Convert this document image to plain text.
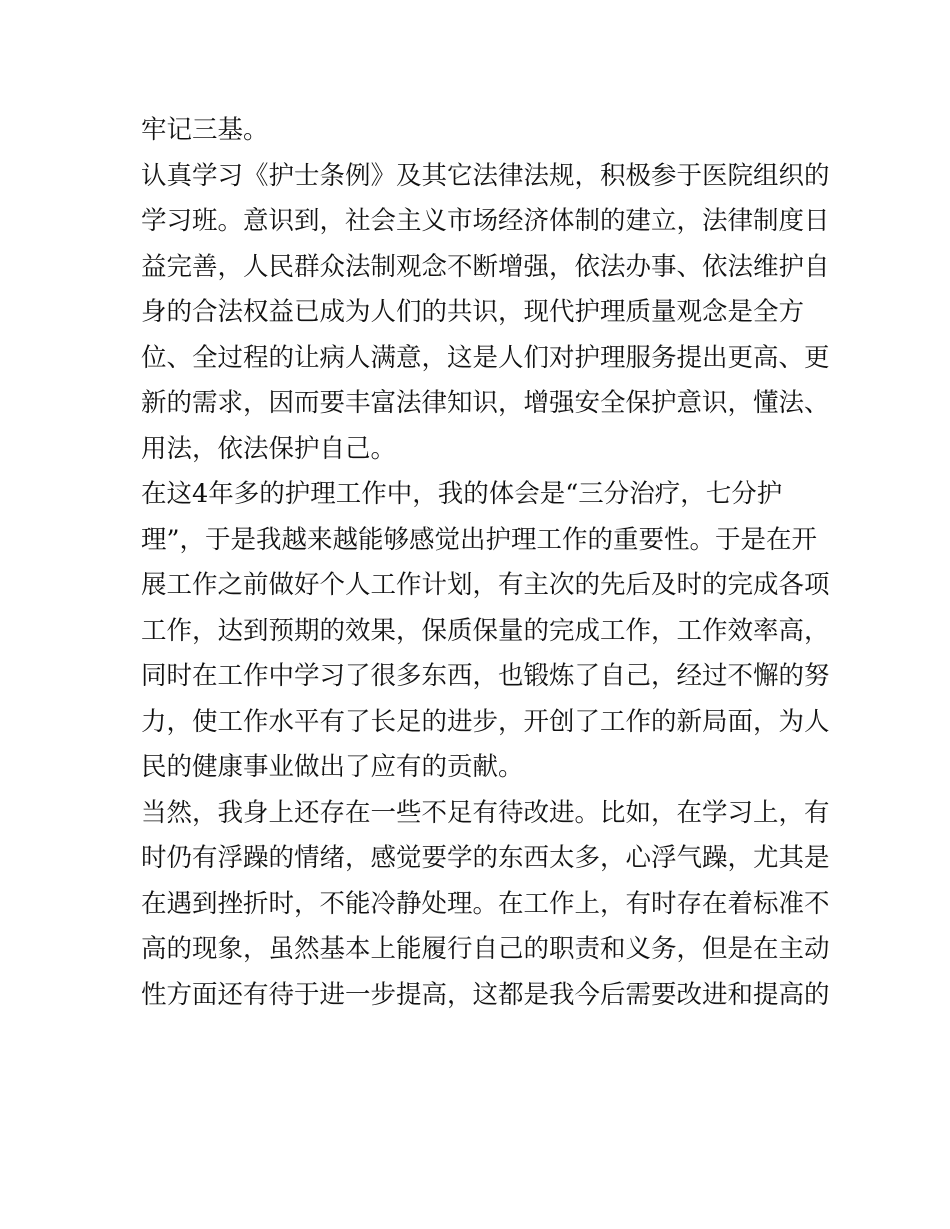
牢记三基。

认真学习《护士条例》及其它法律法规，积极参于医院组织的
学习班。意识到，社会主义市场经济体制的建立，法律制度日
益完善，人民群众法制观念不断增强，依法办事、依法维护自
身的合法权益已成为人们的共识，现代护理质量观念是全方
位、全过程的让病人满意，这是人们对护理服务提出更高、更
新的需求，因而要丰富法律知识，增强安全保护意识，懂法、
用法，依法保护自己。

在这4年多的护理工作中，我的体会是“三分治疗，七分护
理”，于是我越来越能够感觉出护理工作的重要性。于是在开
展工作之前做好个人工作计划，有主次的先后及时的完成各项
工作，达到预期的效果，保质保量的完成工作，工作效率高，
同时在工作中学习了很多东西，也锻炼了自己，经过不懈的努
力，使工作水平有了长足的进步，开创了工作的新局面，为人
民的健康事业做出了应有的贡献。

当然，我身上还存在一些不足有待改进。比如，在学习上，有
时仍有浮躁的情绪，感觉要学的东西太多，心浮气躁，尤其是
在遇到挫折时，不能冷静处理。在工作上，有时存在着标准不
高的现象，虽然基本上能履行自己的职责和义务，但是在主动
性方面还有待于进一步提高，这都是我今后需要改进和提高的
